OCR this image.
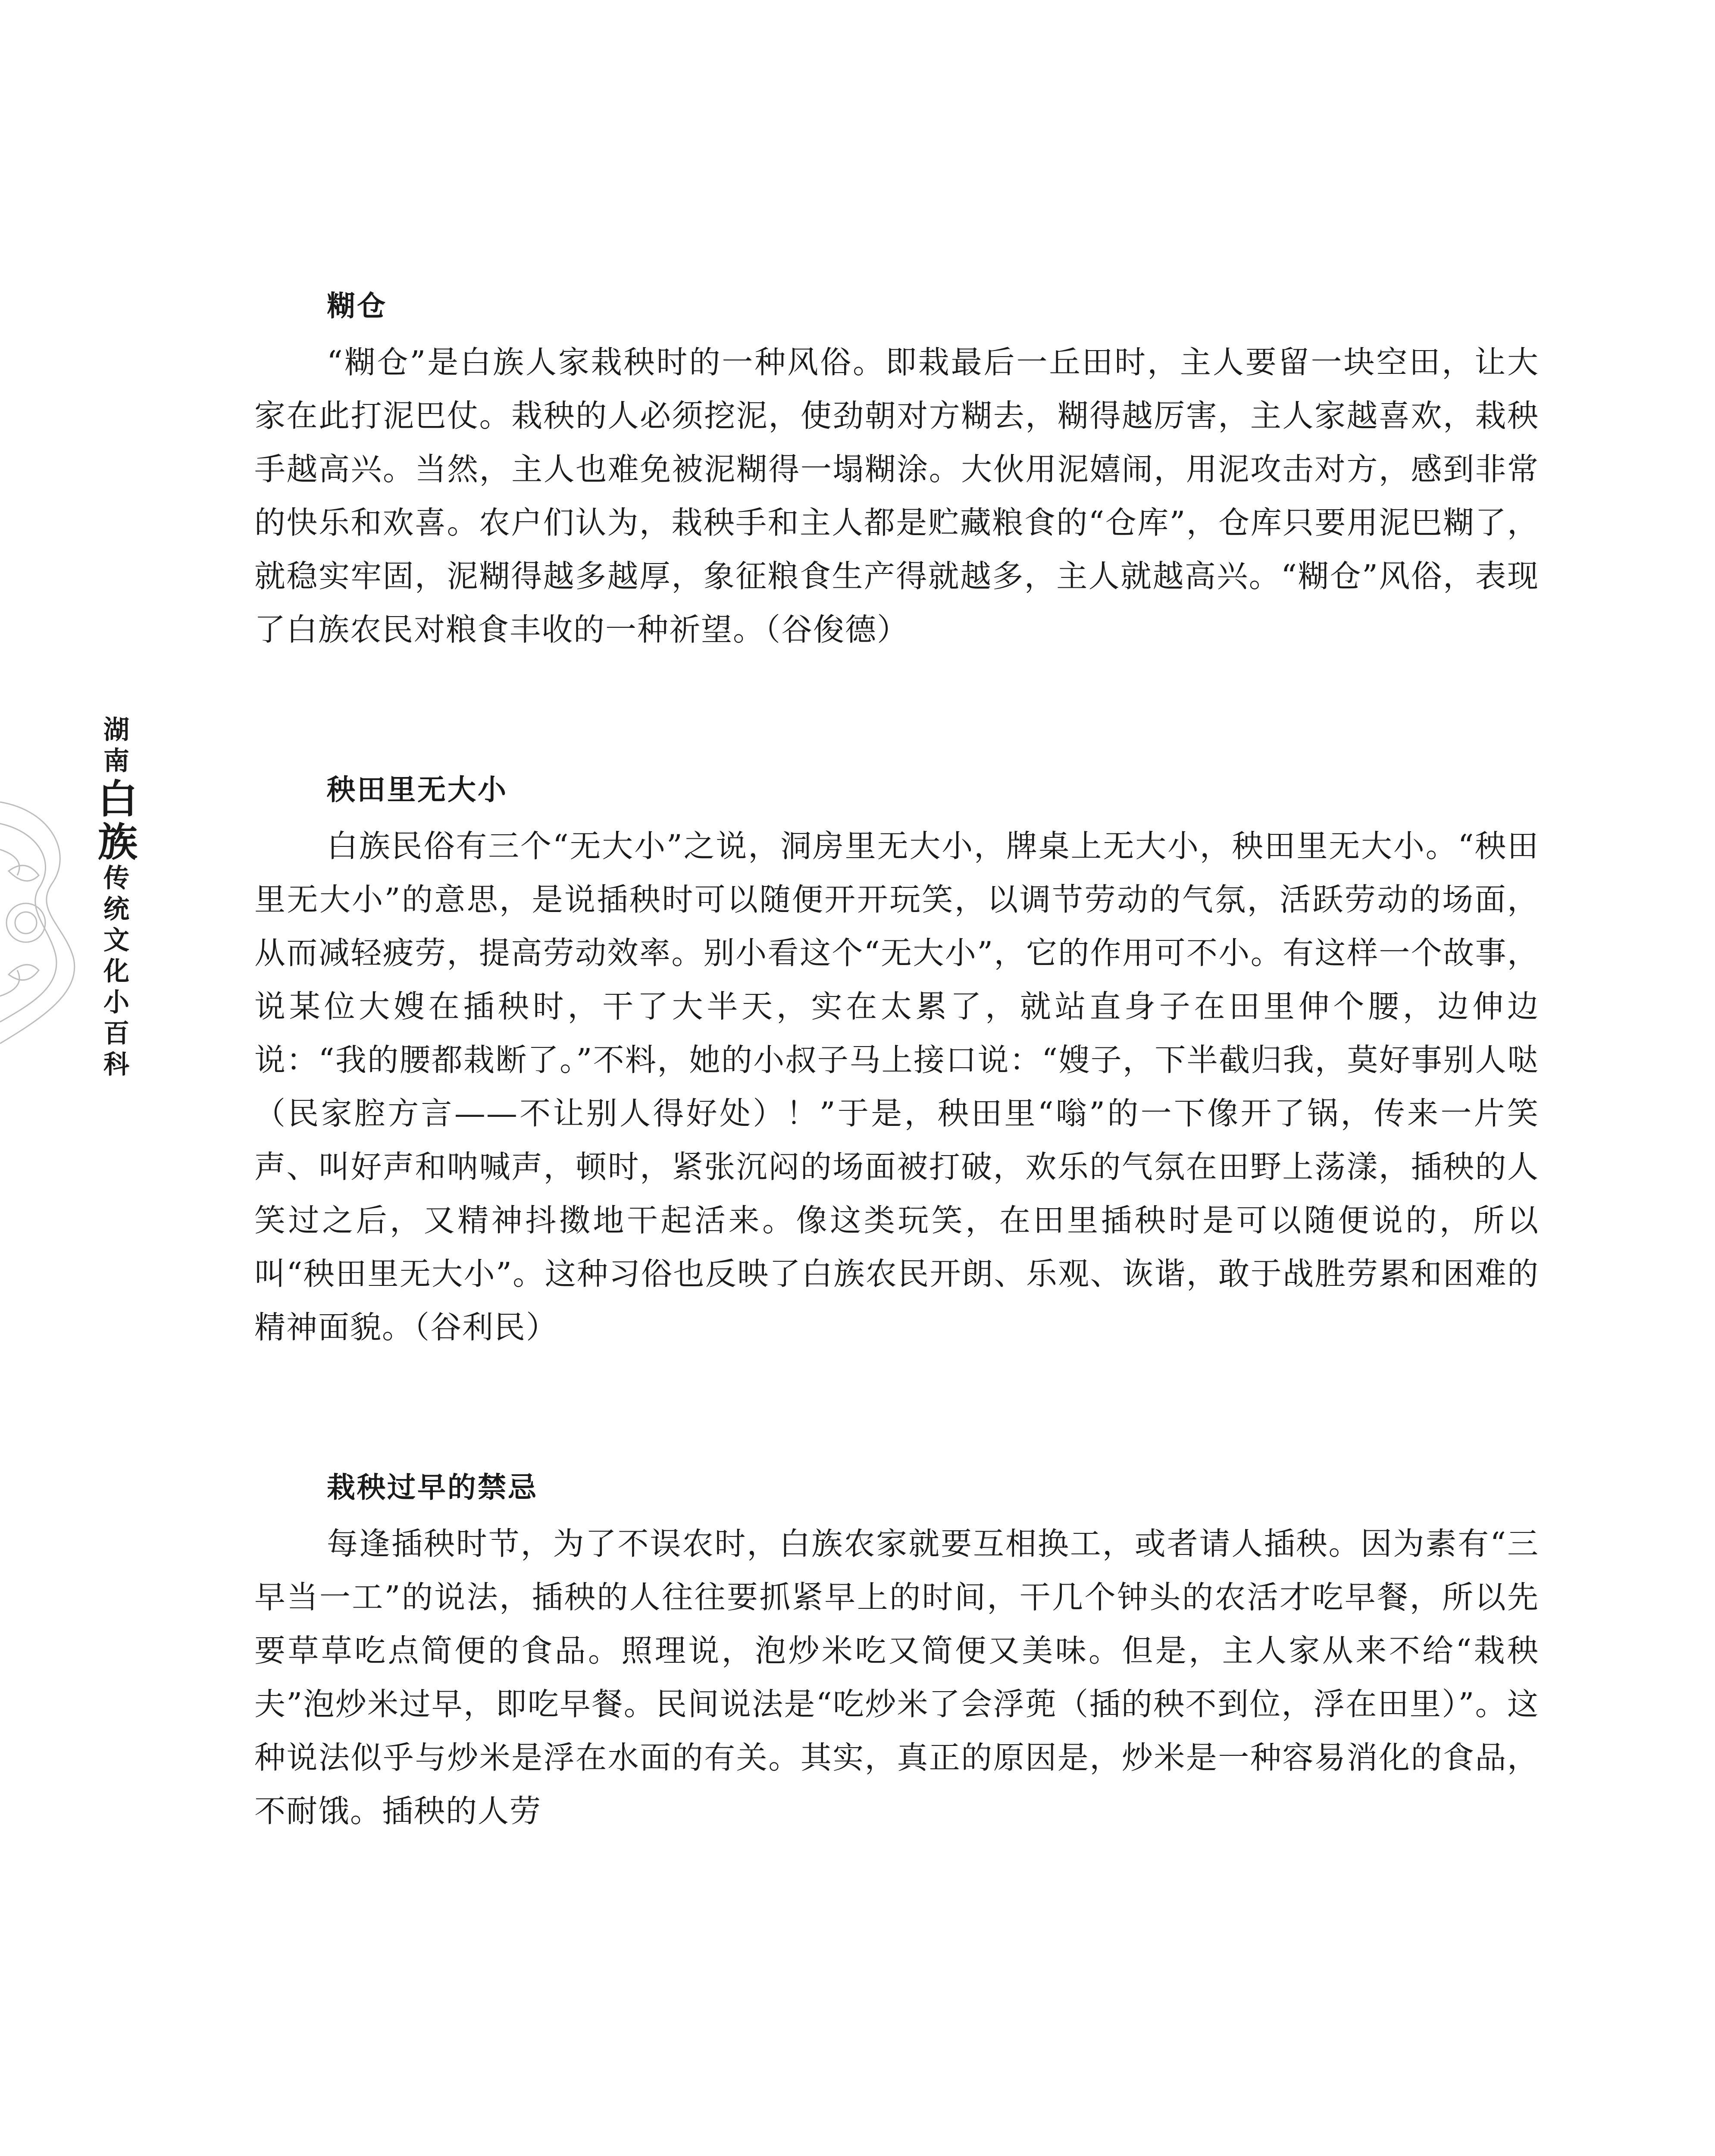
湖南
白族
传统文化小百科
糊仓

“糊仓”是白族人家栽秧时的一种风俗。即栽最后一丘田时，主人要留一块空田，让大家在此打泥巴仗。栽秧的人必须挖泥，使劲朝对方糊去，糊得越厉害，主人家越喜欢，栽秧手越高兴。当然，主人也难免被泥糊得一塌糊涂。大伙用泥嬉闹，用泥攻击对方，感到非常的快乐和欢喜。农户们认为，栽秧手和主人都是贮藏粮食的“仓库”，仓库只要用泥巴糊了，就稳实牢固，泥糊得越多越厚，象征粮食生产得就越多，主人就越高兴。“糊仓”风俗，表现了白族农民对粮食丰收的一种祈望。（谷俊德）

秧田里无大小

白族民俗有三个“无大小”之说，洞房里无大小，牌桌上无大小，秧田里无大小。“秧田里无大小”的意思，是说插秧时可以随便开开玩笑，以调节劳动的气氛，活跃劳动的场面，从而减轻疲劳，提高劳动效率。别小看这个“无大小”，它的作用可不小。有这样一个故事，说某位大嫂在插秧时，干了大半天，实在太累了，就站直身子在田里伸个腰，边伸边说：“我的腰都栽断了。”不料，她的小叔子马上接口说：“嫂子，下半截归我，莫好事别人哒（民家腔方言——不让别人得好处）！”于是，秧田里“嗡”的一下像开了锅，传来一片笑声、叫好声和呐喊声，顿时，紧张沉闷的场面被打破，欢乐的气氛在田野上荡漾，插秧的人笑过之后，又精神抖擞地干起活来。像这类玩笑，在田里插秧时是可以随便说的，所以叫“秧田里无大小”。这种习俗也反映了白族农民开朗、乐观、诙谐，敢于战胜劳累和困难的精神面貌。（谷利民）

栽秧过早的禁忌

每逢插秧时节，为了不误农时，白族农家就要互相换工，或者请人插秧。因为素有“三早当一工”的说法，插秧的人往往要抓紧早上的时间，干几个钟头的农活才吃早餐，所以先要草草吃点简便的食品。照理说，泡炒米吃又简便又美味。但是，主人家从来不给“栽秧夫”泡炒米过早，即吃早餐。民间说法是“吃炒米了会浮蔸（插的秧不到位，浮在田里）”。这种说法似乎与炒米是浮在水面的有关。其实，真正的原因是，炒米是一种容易消化的食品，不耐饿。插秧的人劳
